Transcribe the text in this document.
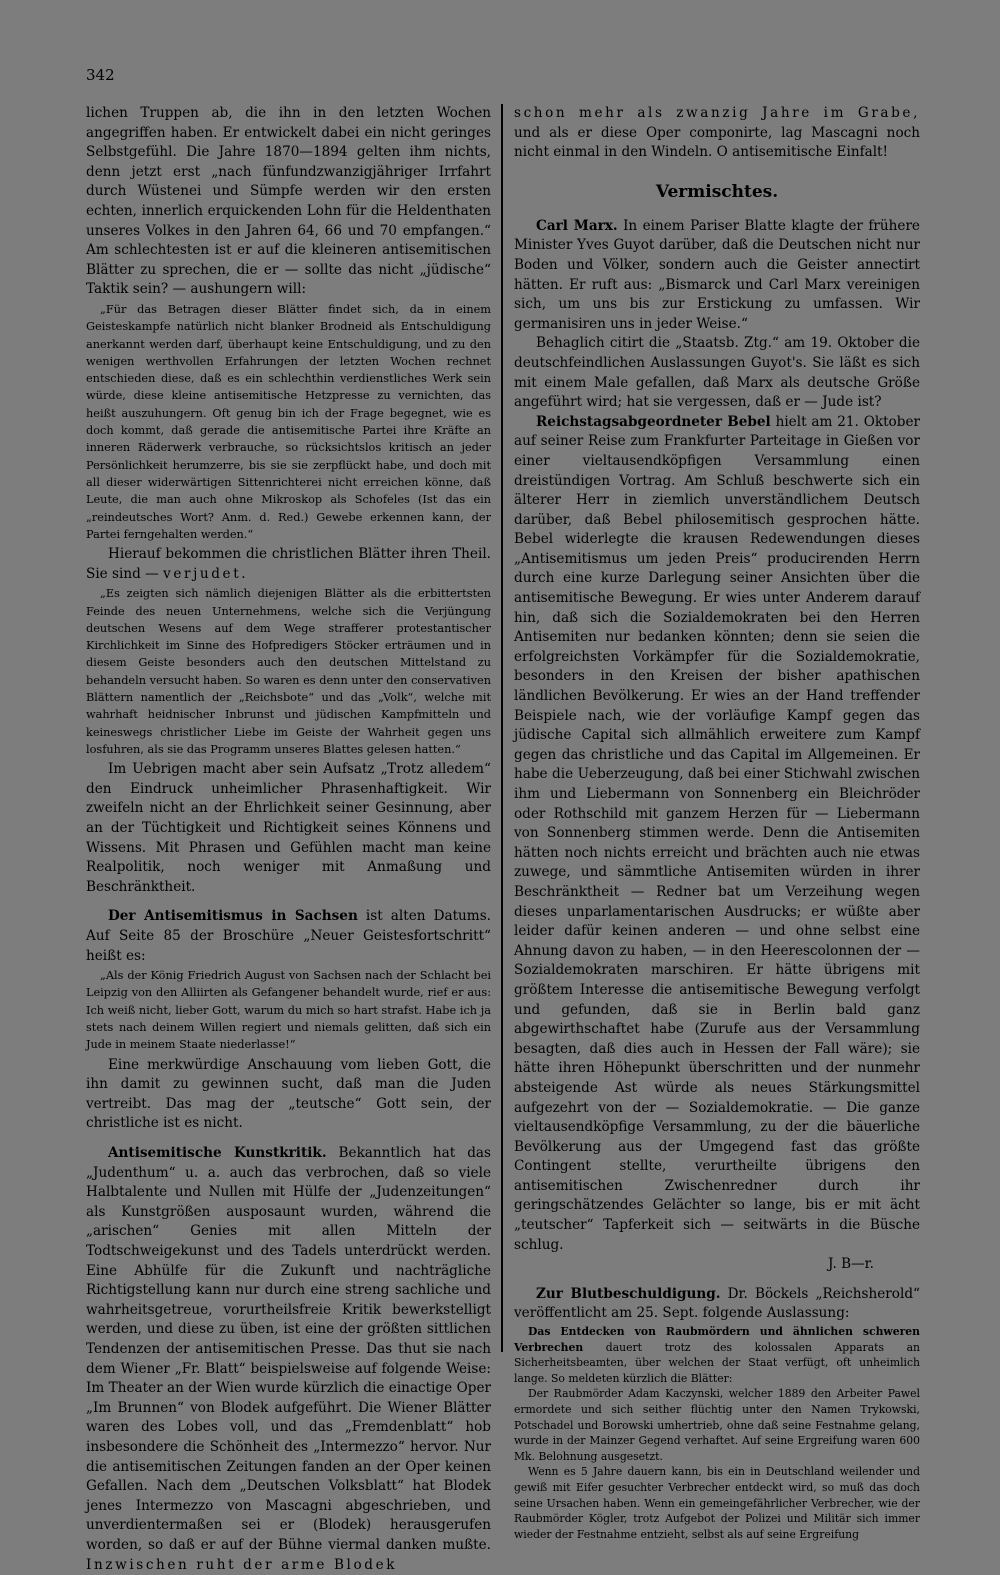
342

lichen Truppen ab, die ihn in den letzten Wochen angegriffen haben. Er entwickelt dabei ein nicht geringes Selbstgefühl. Die Jahre 1870—1894 gelten ihm nichts, denn jetzt erst „nach fünfundzwanzigjähriger Irrfahrt durch Wüstenei und Sümpfe werden wir den ersten echten, innerlich erquickenden Lohn für die Heldenthaten unseres Volkes in den Jahren 64, 66 und 70 empfangen.“ Am schlechtesten ist er auf die kleineren antisemitischen Blätter zu sprechen, die er — sollte das nicht „jüdische“ Taktik sein? — aushungern will:

„Für das Betragen dieser Blätter findet sich, da in einem Geisteskampfe natürlich nicht blanker Brodneid als Entschuldigung anerkannt werden darf, überhaupt keine Entschuldigung, und zu den wenigen werthvollen Erfahrungen der letzten Wochen rechnet entschieden diese, daß es ein schlechthin verdienstliches Werk sein würde, diese kleine antisemitische Hetzpresse zu vernichten, das heißt auszuhungern. Oft genug bin ich der Frage begegnet, wie es doch kommt, daß gerade die antisemitische Partei ihre Kräfte an inneren Räderwerk verbrauche, so rücksichtslos kritisch an jeder Persönlichkeit herumzerre, bis sie sie zerpflückt habe, und doch mit all dieser widerwärtigen Sittenrichterei nicht erreichen könne, daß Leute, die man auch ohne Mikroskop als Schofeles (Ist das ein „reindeutsches Wort? Anm. d. Red.) Gewebe erkennen kann, der Partei ferngehalten werden.“

Hierauf bekommen die christlichen Blätter ihren Theil. Sie sind — verjudet.

„Es zeigten sich nämlich diejenigen Blätter als die erbittertsten Feinde des neuen Unternehmens, welche sich die Verjüngung deutschen Wesens auf dem Wege strafferer protestantischer Kirchlichkeit im Sinne des Hofpredigers Stöcker erträumen und in diesem Geiste besonders auch den deutschen Mittelstand zu behandeln versucht haben. So waren es denn unter den conservativen Blättern namentlich der „Reichsbote“ und das „Volk“, welche mit wahrhaft heidnischer Inbrunst und jüdischen Kampfmitteln und keineswegs christlicher Liebe im Geiste der Wahrheit gegen uns losfuhren, als sie das Programm unseres Blattes gelesen hatten.“

Im Uebrigen macht aber sein Aufsatz „Trotz alledem“ den Eindruck unheimlicher Phrasenhaftigkeit. Wir zweifeln nicht an der Ehrlichkeit seiner Gesinnung, aber an der Tüchtigkeit und Richtigkeit seines Könnens und Wissens. Mit Phrasen und Gefühlen macht man keine Realpolitik, noch weniger mit Anmaßung und Beschränktheit.

Der Antisemitismus in Sachsen ist alten Datums. Auf Seite 85 der Broschüre „Neuer Geistesfortschritt“ heißt es:

„Als der König Friedrich August von Sachsen nach der Schlacht bei Leipzig von den Alliirten als Gefangener behandelt wurde, rief er aus: Ich weiß nicht, lieber Gott, warum du mich so hart strafst. Habe ich ja stets nach deinem Willen regiert und niemals gelitten, daß sich ein Jude in meinem Staate niederlasse!“

Eine merkwürdige Anschauung vom lieben Gott, die ihn damit zu gewinnen sucht, daß man die Juden vertreibt. Das mag der „teutsche“ Gott sein, der christliche ist es nicht.

Antisemitische Kunstkritik. Bekanntlich hat das „Judenthum“ u. a. auch das verbrochen, daß so viele Halbtalente und Nullen mit Hülfe der „Judenzeitungen“ als Kunstgrößen ausposaunt wurden, während die „arischen“ Genies mit allen Mitteln der Todtschweigekunst und des Tadels unterdrückt werden. Eine Abhülfe für die Zukunft und nachträgliche Richtigstellung kann nur durch eine streng sachliche und wahrheitsgetreue, vorurtheilsfreie Kritik bewerkstelligt werden, und diese zu üben, ist eine der größten sittlichen Tendenzen der antisemitischen Presse. Das thut sie nach dem Wiener „Fr. Blatt“ beispielsweise auf folgende Weise: Im Theater an der Wien wurde kürzlich die einactige Oper „Im Brunnen“ von Blodek aufgeführt. Die Wiener Blätter waren des Lobes voll, und das „Fremdenblatt“ hob insbesondere die Schönheit des „Intermezzo“ hervor. Nur die antisemitischen Zeitungen fanden an der Oper keinen Gefallen. Nach dem „Deutschen Volksblatt“ hat Blodek jenes Intermezzo von Mascagni abgeschrieben, und unverdientermaßen sei er (Blodek) herausgerufen worden, so daß er auf der Bühne viermal danken mußte. Inzwischen ruht der arme Blodek

schon mehr als zwanzig Jahre im Grabe, und als er diese Oper componirte, lag Mascagni noch nicht einmal in den Windeln. O antisemitische Einfalt!

Vermischtes.

Carl Marx. In einem Pariser Blatte klagte der frühere Minister Yves Guyot darüber, daß die Deutschen nicht nur Boden und Völker, sondern auch die Geister annectirt hätten. Er ruft aus: „Bismarck und Carl Marx vereinigen sich, um uns bis zur Erstickung zu umfassen. Wir germanisiren uns in jeder Weise.“

Behaglich citirt die „Staatsb. Ztg.“ am 19. Oktober die deutschfeindlichen Auslassungen Guyot's. Sie läßt es sich mit einem Male gefallen, daß Marx als deutsche Größe angeführt wird; hat sie vergessen, daß er — Jude ist?

Reichstagsabgeordneter Bebel hielt am 21. Oktober auf seiner Reise zum Frankfurter Parteitage in Gießen vor einer vieltausendköpfigen Versammlung einen dreistündigen Vortrag. Am Schluß beschwerte sich ein älterer Herr in ziemlich unverständlichem Deutsch darüber, daß Bebel philosemitisch gesprochen hätte. Bebel widerlegte die krausen Redewendungen dieses „Antisemitismus um jeden Preis“ producirenden Herrn durch eine kurze Darlegung seiner Ansichten über die antisemitische Bewegung. Er wies unter Anderem darauf hin, daß sich die Sozialdemokraten bei den Herren Antisemiten nur bedanken könnten; denn sie seien die erfolgreichsten Vorkämpfer für die Sozialdemokratie, besonders in den Kreisen der bisher apathischen ländlichen Bevölkerung. Er wies an der Hand treffender Beispiele nach, wie der vorläufige Kampf gegen das jüdische Capital sich allmählich erweitere zum Kampf gegen das christliche und das Capital im Allgemeinen. Er habe die Ueberzeugung, daß bei einer Stichwahl zwischen ihm und Liebermann von Sonnenberg ein Bleichröder oder Rothschild mit ganzem Herzen für — Liebermann von Sonnenberg stimmen werde. Denn die Antisemiten hätten noch nichts erreicht und brächten auch nie etwas zuwege, und sämmtliche Antisemiten würden in ihrer Beschränktheit — Redner bat um Verzeihung wegen dieses unparlamentarischen Ausdrucks; er wüßte aber leider dafür keinen anderen — und ohne selbst eine Ahnung davon zu haben, — in den Heerescolonnen der — Sozialdemokraten marschiren. Er hätte übrigens mit größtem Interesse die antisemitische Bewegung verfolgt und gefunden, daß sie in Berlin bald ganz abgewirthschaftet habe (Zurufe aus der Versammlung besagten, daß dies auch in Hessen der Fall wäre); sie hätte ihren Höhepunkt überschritten und der nunmehr absteigende Ast würde als neues Stärkungsmittel aufgezehrt von der — Sozialdemokratie. — Die ganze vieltausendköpfige Versammlung, zu der die bäuerliche Bevölkerung aus der Umgegend fast das größte Contingent stellte, verurtheilte übrigens den antisemitischen Zwischenredner durch ihr geringschätzendes Gelächter so lange, bis er mit ächt „teutscher“ Tapferkeit sich — seitwärts in die Büsche schlug.

J. B—r.

Zur Blutbeschuldigung. Dr. Böckels „Reichsherold“ veröffentlicht am 25. Sept. folgende Auslassung:

Das Entdecken von Raubmördern und ähnlichen schweren Verbrechen dauert trotz des kolossalen Apparats an Sicherheitsbeamten, über welchen der Staat verfügt, oft unheimlich lange. So meldeten kürzlich die Blätter:

Der Raubmörder Adam Kaczynski, welcher 1889 den Arbeiter Pawel ermordete und sich seither flüchtig unter den Namen Trykowski, Potschadel und Borowski umhertrieb, ohne daß seine Festnahme gelang, wurde in der Mainzer Gegend verhaftet. Auf seine Ergreifung waren 600 Mk. Belohnung ausgesetzt.

Wenn es 5 Jahre dauern kann, bis ein in Deutschland weilender und gewiß mit Eifer gesuchter Verbrecher entdeckt wird, so muß das doch seine Ursachen haben. Wenn ein gemeingefährlicher Verbrecher, wie der Raubmörder Kögler, trotz Aufgebot der Polizei und Militär sich immer wieder der Festnahme entzieht, selbst als auf seine Ergreifung
